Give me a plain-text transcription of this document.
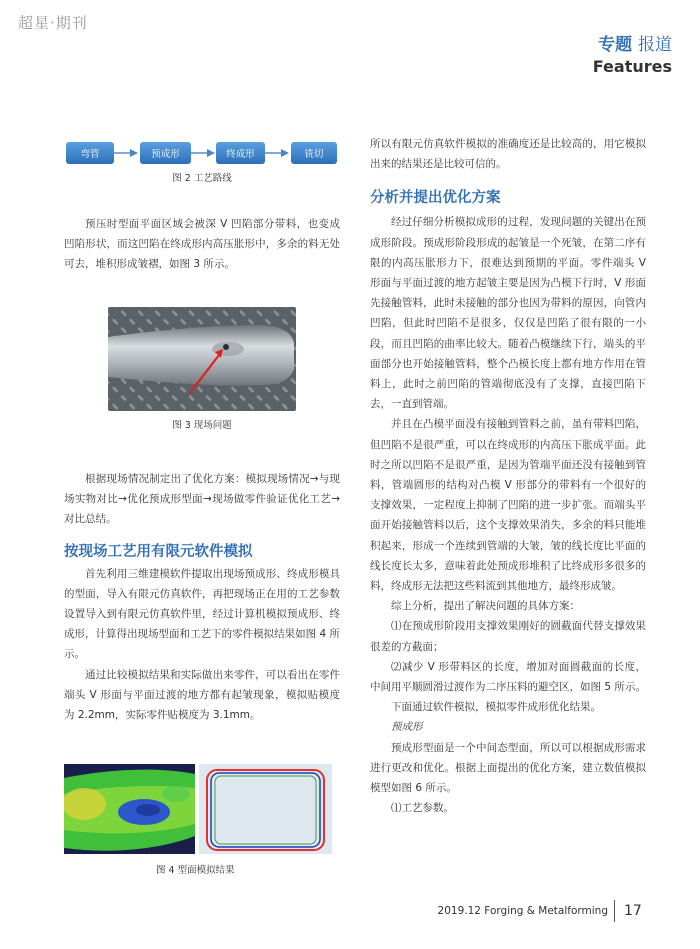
超星·期刊
专题 报道
Features
弯管	预成形	终成形	铣切
图 2 工艺路线

预压时型面平面区域会被深 V 凹陷部分带料，也变成凹陷形状，而这凹陷在终成形内高压胀形中，多余的料无处可去，堆积形成皱褶，如图 3 所示。

图 3 现场问题

根据现场情况制定出了优化方案：模拟现场情况→与现场实物对比→优化预成形型面→现场做零件验证优化工艺→对比总结。

按现场工艺用有限元软件模拟

首先利用三维建模软件提取出现场预成形、终成形模具的型面，导入有限元仿真软件，再把现场正在用的工艺参数设置导入到有限元仿真软件里，经过计算机模拟预成形、终成形，计算得出现场型面和工艺下的零件模拟结果如图 4 所示。

通过比较模拟结果和实际做出来零件，可以看出在零件端头 V 形面与平面过渡的地方都有起皱现象，模拟贴模度为 2.2mm，实际零件贴模度为 3.1mm。

图 4 型面模拟结果

所以有限元仿真软件模拟的准确度还是比较高的，用它模拟出来的结果还是比较可信的。

分析并提出优化方案

经过仔细分析模拟成形的过程，发现问题的关键出在预成形阶段。预成形阶段形成的起皱是一个死皱，在第二序有限的内高压胀形力下，很难达到预期的平面。零件端头 V 形面与平面过渡的地方起皱主要是因为凸模下行时，V 形面先接触管料，此时未接触的部分也因为带料的原因，向管内凹陷，但此时凹陷不是很多，仅仅是凹陷了很有限的一小段，而且凹陷的曲率比较大。随着凸模继续下行，端头的平面部分也开始接触管料，整个凸模长度上都有地方作用在管料上，此时之前凹陷的管端彻底没有了支撑，直接凹陷下去，一直到管端。

并且在凸模平面没有接触到管料之前，虽有带料凹陷，但凹陷不是很严重，可以在终成形的内高压下胀成平面。此时之所以凹陷不是很严重，是因为管端平面还没有接触到管料，管端圆形的结构对凸模 V 形部分的带料有一个很好的支撑效果，一定程度上抑制了凹陷的进一步扩张。而端头平面开始接触管料以后，这个支撑效果消失，多余的料只能堆积起来，形成一个连续到管端的大皱，皱的线长度比平面的线长度长太多，意味着此处预成形堆积了比终成形多很多的料，终成形无法把这些料流到其他地方，最终形成皱。

综上分析，提出了解决问题的具体方案：

⑴在预成形阶段用支撑效果刚好的圆截面代替支撑效果很差的方截面；

⑵减少 V 形带料区的长度，增加对面圆截面的长度，中间用平顺圆滑过渡作为二序压料的避空区，如图 5 所示。

下面通过软件模拟，模拟零件成形优化结果。

预成形

预成形型面是一个中间态型面，所以可以根据成形需求进行更改和优化。根据上面提出的优化方案，建立数值模拟模型如图 6 所示。

⑴工艺参数。

2019.12 Forging & Metalforming 17
